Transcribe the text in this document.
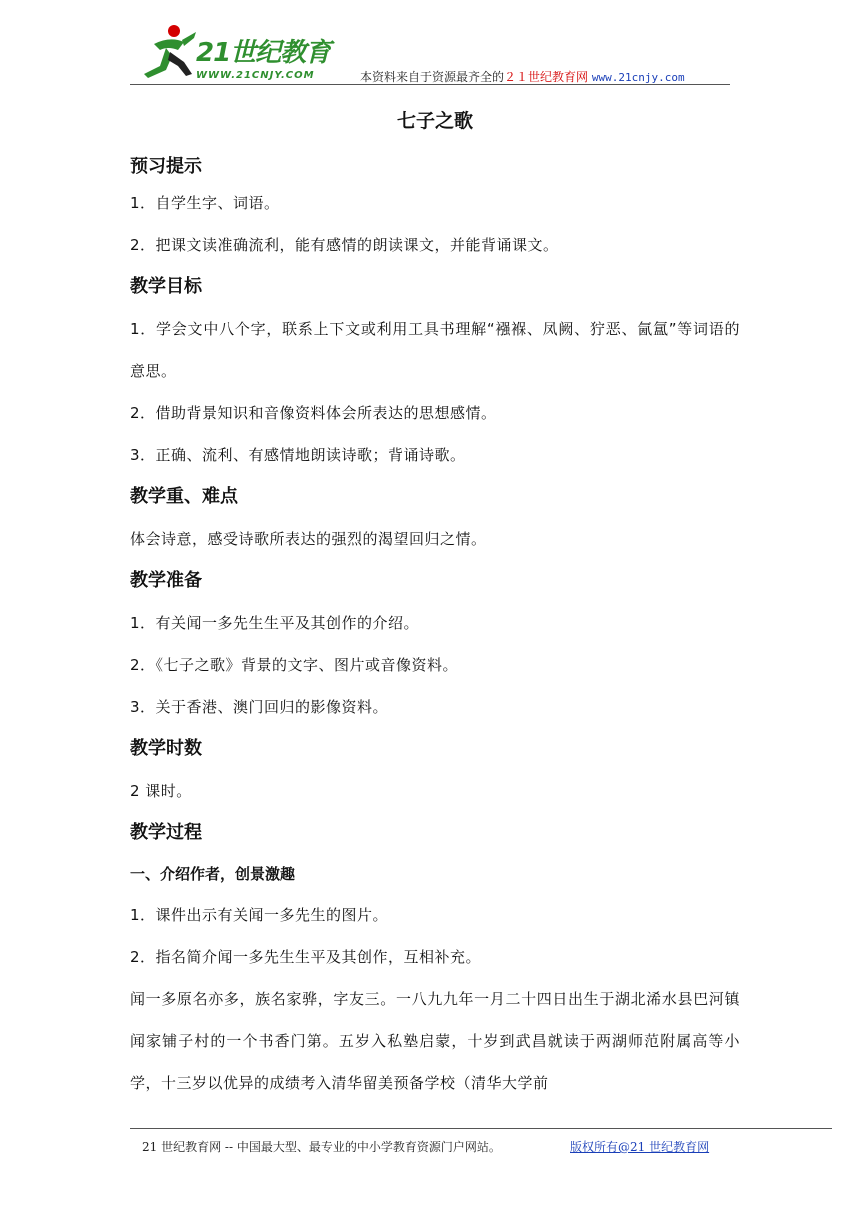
21世纪教育
WWW.21CNJY.COM	本资料来自于资源最齐全的２１世纪教育网 www.21cnjy.com
七子之歌
预习提示
1．自学生字、词语。
2．把课文读准确流利，能有感情的朗读课文，并能背诵课文。
教学目标
1．学会文中八个字，联系上下文或利用工具书理解“襁褓、凤阙、狞恶、氤氲”等词语的意思。
2．借助背景知识和音像资料体会所表达的思想感情。
3．正确、流利、有感情地朗读诗歌；背诵诗歌。
教学重、难点
体会诗意，感受诗歌所表达的强烈的渴望回归之情。
教学准备
1．有关闻一多先生生平及其创作的介绍。
2．《七子之歌》背景的文字、图片或音像资料。
3．关于香港、澳门回归的影像资料。
教学时数
2 课时。
教学过程
一、介绍作者，创景激趣
1．课件出示有关闻一多先生的图片。
2．指名简介闻一多先生生平及其创作，互相补充。
闻一多原名亦多，族名家骅，字友三。一八九九年一月二十四日出生于湖北浠水县巴河镇闻家铺子村的一个书香门第。五岁入私塾启蒙，十岁到武昌就读于两湖师范附属高等小学，十三岁以优异的成绩考入清华留美预备学校（清华大学前
21 世纪教育网 -- 中国最大型、最专业的中小学教育资源门户网站。	版权所有@21 世纪教育网
